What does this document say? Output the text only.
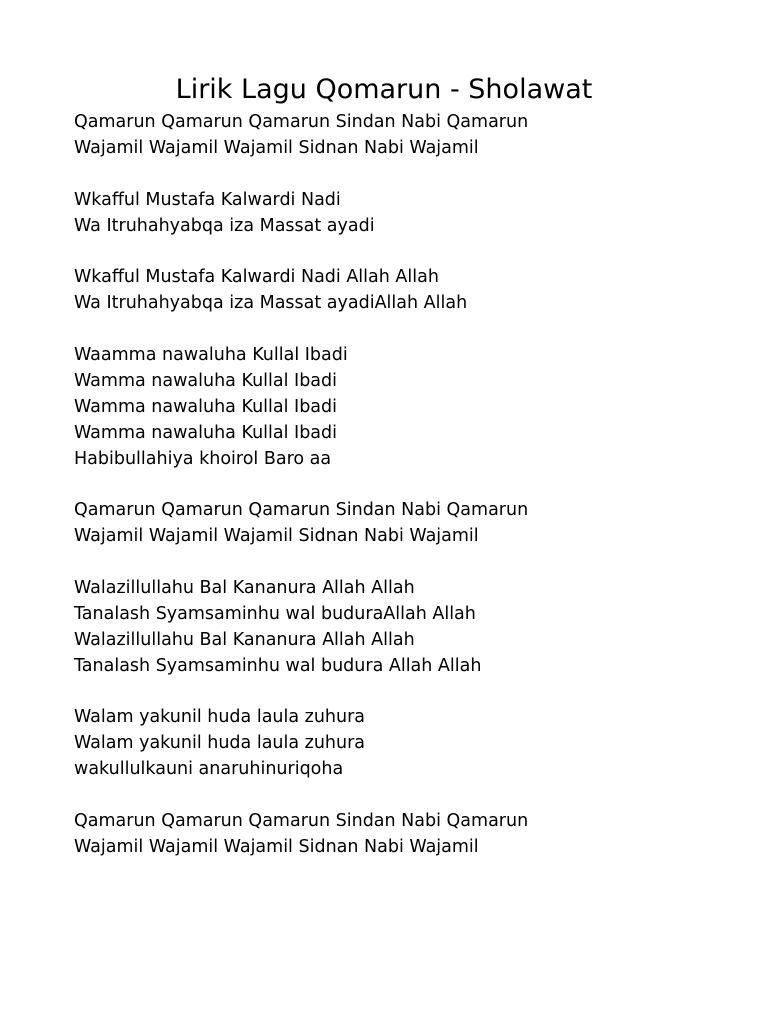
Lirik Lagu Qomarun - Sholawat
Qamarun Qamarun Qamarun Sindan Nabi Qamarun
Wajamil Wajamil Wajamil Sidnan Nabi Wajamil
Wkafful Mustafa Kalwardi Nadi
Wa Itruhahyabqa iza Massat ayadi
Wkafful Mustafa Kalwardi Nadi Allah Allah
Wa Itruhahyabqa iza Massat ayadiAllah Allah
Waamma nawaluha Kullal Ibadi
Wamma nawaluha Kullal Ibadi
Wamma nawaluha Kullal Ibadi
Wamma nawaluha Kullal Ibadi
Habibullahiya khoirol Baro aa
Qamarun Qamarun Qamarun Sindan Nabi Qamarun
Wajamil Wajamil Wajamil Sidnan Nabi Wajamil
Walazillullahu Bal Kananura Allah Allah
Tanalash Syamsaminhu wal buduraAllah Allah
Walazillullahu Bal Kananura Allah Allah
Tanalash Syamsaminhu wal budura Allah Allah
Walam yakunil huda laula zuhura
Walam yakunil huda laula zuhura
wakullulkauni anaruhinuriqoha
Qamarun Qamarun Qamarun Sindan Nabi Qamarun
Wajamil Wajamil Wajamil Sidnan Nabi Wajamil
